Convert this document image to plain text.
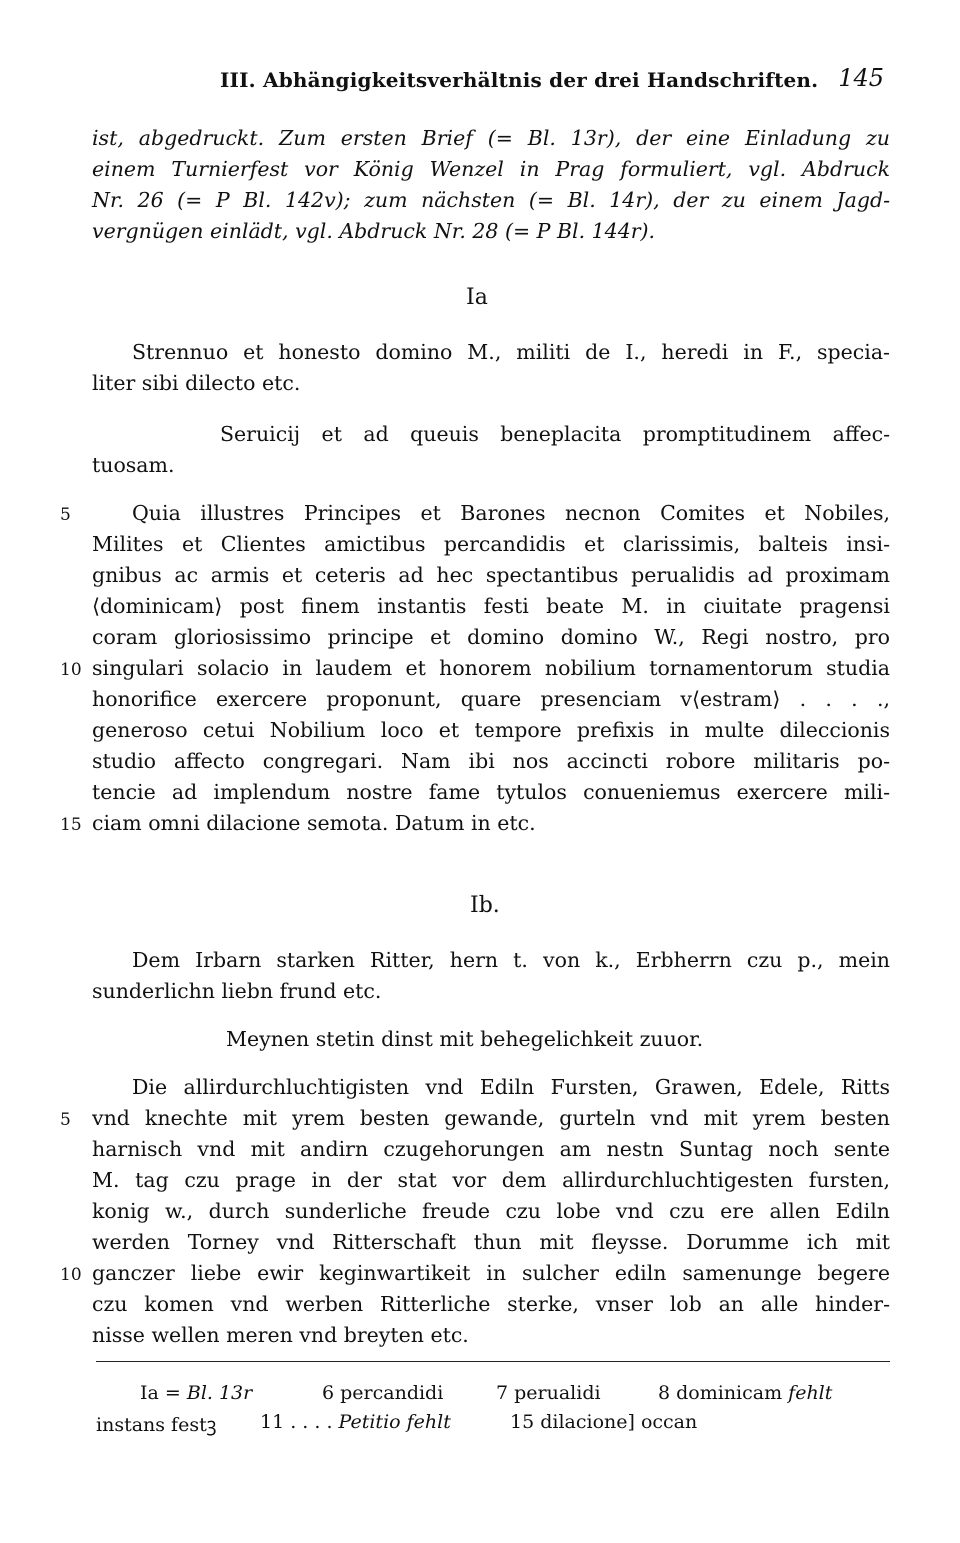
III. Abhängigkeitsverhältnis der drei Handschriften. 145
ist, abgedruckt. Zum ersten Brief (= Bl. 13r), der eine Einladung zu
einem Turnierfest vor König Wenzel in Prag formuliert, vgl. Abdruck
Nr. 26 (= P Bl. 142v); zum nächsten (= Bl. 14r), der zu einem Jagd-
vergnügen einlädt, vgl. Abdruck Nr. 28 (= P Bl. 144r).
Ia
Strennuo et honesto domino M., militi de I., heredi in F., specia-
liter sibi dilecto etc.
Seruicij et ad queuis beneplacita promptitudinem affec-
tuosam.
Quia illustres Principes et Barones necnon Comites et Nobiles,
Milites et Clientes amictibus percandidis et clarissimis, balteis insi-
gnibus ac armis et ceteris ad hec spectantibus perualidis ad proximam
⟨dominicam⟩ post finem instantis festi beate M. in ciuitate pragensi
coram gloriosissimo principe et domino domino W., Regi nostro, pro
singulari solacio in laudem et honorem nobilium tornamentorum studia
honorifice exercere proponunt, quare presenciam v⟨estram⟩ . . . .,
generoso cetui Nobilium loco et tempore prefixis in multe dileccionis
studio affecto congregari. Nam ibi nos accincti robore militaris po-
tencie ad implendum nostre fame tytulos conueniemus exercere mili-
ciam omni dilacione semota. Datum in etc.
5
10
15
Ib.
Dem Irbarn starken Ritter, hern t. von k., Erbherrn czu p., mein
sunderlichn liebn frund etc.
Meynen stetin dinst mit behegelichkeit zuuor.
Die allirdurchluchtigisten vnd Ediln Fursten, Grawen, Edele, Ritts
vnd knechte mit yrem besten gewande, gurteln vnd mit yrem besten
harnisch vnd mit andirn czugehorungen am nestn Suntag noch sente
M. tag czu prage in der stat vor dem allirdurchluchtigesten fursten,
konig w., durch sunderliche freude czu lobe vnd czu ere allen Ediln
werden Torney vnd Ritterschaft thun mit fleysse. Dorumme ich mit
ganczer liebe ewir keginwartikeit in sulcher ediln samenunge begere
czu komen vnd werben Ritterliche sterke, vnser lob an alle hinder-
nisse wellen meren vnd breyten etc.
5
10
Ia = Bl. 13r	6 percandidi	7 perualidi	8 dominicam fehlt
instans festꝫ 11 . . . . Petitio fehlt	15 dilacione] occan
